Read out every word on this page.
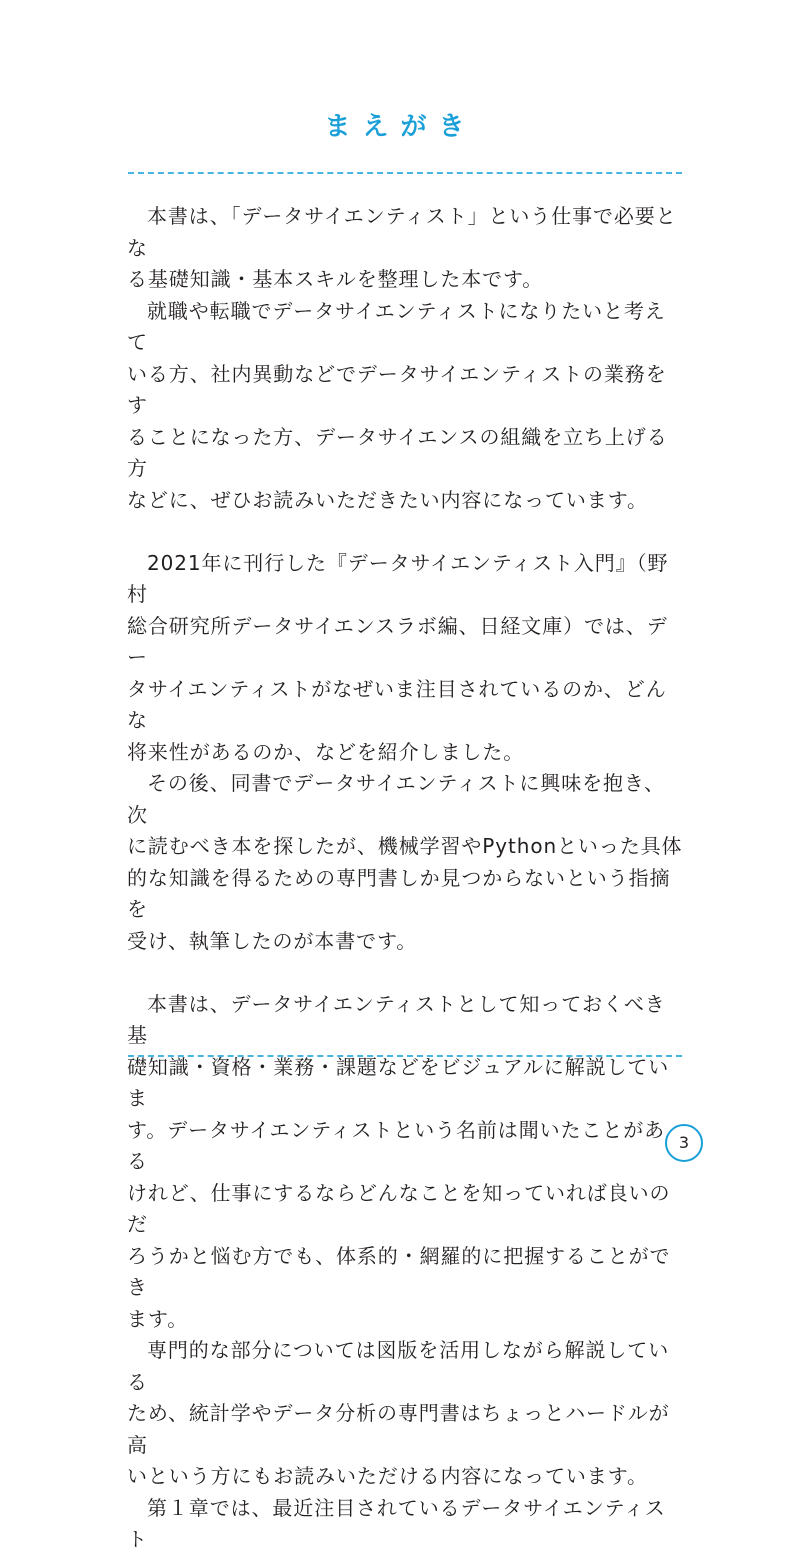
まえがき

本書は、「データサイエンティスト」という仕事で必要とな
る基礎知識・基本スキルを整理した本です。

就職や転職でデータサイエンティストになりたいと考えて
いる方、社内異動などでデータサイエンティストの業務をす
ることになった方、データサイエンスの組織を立ち上げる方
などに、ぜひお読みいただきたい内容になっています。

2021年に刊行した『データサイエンティスト入門』（野村
総合研究所データサイエンスラボ編、日経文庫）では、デー
タサイエンティストがなぜいま注目されているのか、どんな
将来性があるのか、などを紹介しました。

その後、同書でデータサイエンティストに興味を抱き、次
に読むべき本を探したが、機械学習やPythonといった具体
的な知識を得るための専門書しか見つからないという指摘を
受け、執筆したのが本書です。

本書は、データサイエンティストとして知っておくべき基
礎知識・資格・業務・課題などをビジュアルに解説していま
す。データサイエンティストという名前は聞いたことがある
けれど、仕事にするならどんなことを知っていれば良いのだ
ろうかと悩む方でも、体系的・網羅的に把握することができ
ます。

専門的な部分については図版を活用しながら解説している
ため、統計学やデータ分析の専門書はちょっとハードルが高
いという方にもお読みいただける内容になっています。

第１章では、最近注目されているデータサイエンティスト

3
